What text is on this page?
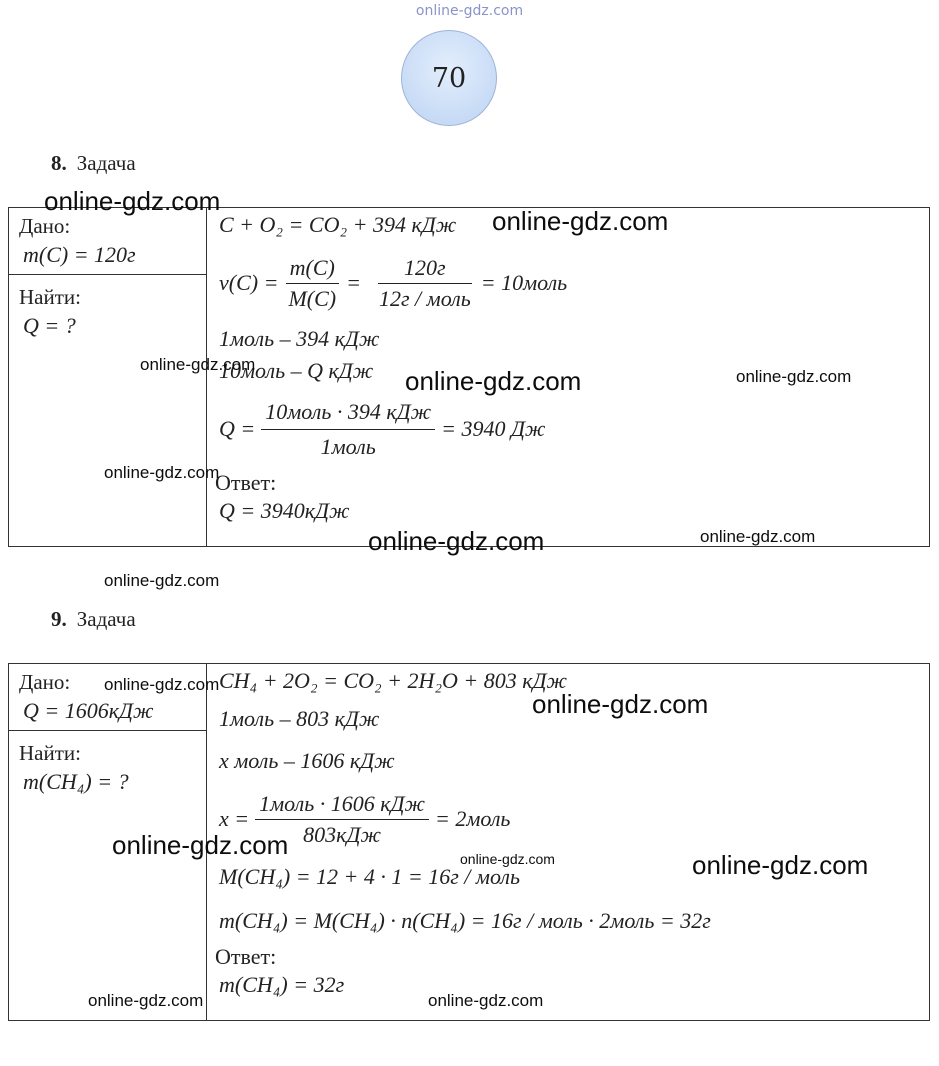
online-gdz.com
70
8. Задача
Дано:
m(C) = 120г
Найти:
Q = ?

C + O₂ = CO₂ + 394 кДж
$\nu(C) = \frac{m(C)}{M(C)} = \frac{120г}{\text{12г / моль}}$ = 10моль
1моль – 394 кДж
10моль – Q кДж
$Q = \frac{\text{10моль · 394 кДж}}{\text{1моль}} = 3940$ Дж
Ответ:
Q = 3940кДж
9. Задача
Дано:
Q = 1606кДж
Найти:
m(CH₄) = ?

CH₄ + 2O₂ = CO₂ + 2H₂O + 803 кДж
1моль – 803 кДж
x моль – 1606 кДж
$x = \frac{\text{1моль · 1606 кДж}}{\text{803кДж}}$ = 2моль
M(CH₄) = 12 + 4 · 1 = 16г / моль
m(CH₄) = M(CH₄) · n(CH₄) = 16г / моль · 2моль = 32г
Ответ:
m(CH₄) = 32г
online-gdz.com
online-gdz.com
online-gdz.com
online-gdz.com	online-gdz.com
online-gdz.com
online-gdz.com	online-gdz.com
online-gdz.com
online-gdz.com
online-gdz.com
online-gdz.com	online-gdz.com	online-gdz.com
online-gdz.com	online-gdz.com
